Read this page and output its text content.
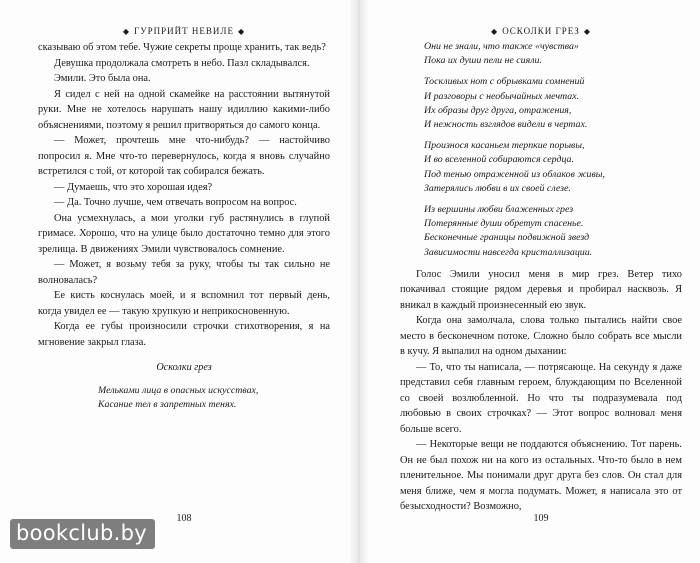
◆ ГУРПРИЙТ НЕВИЛЕ ◆

сказываю об этом тебе. Чужие секреты проще хранить, так ведь?

Девушка продолжала смотреть в небо. Пазл складывался.

Эмили. Это была она.

Я сидел с ней на одной скамейке на расстоянии вытянутой руки. Мне не хотелось нарушать нашу идиллию какими-либо объяснениями, поэтому я решил притворяться до самого конца.

— Может, прочтешь мне что-нибудь? — настойчиво попросил я. Мне что-то перевернулось, когда я вновь случайно встретился с той, от которой так собирался бежать.

— Думаешь, что это хорошая идея?

— Да. Точно лучше, чем отвечать вопросом на вопрос.

Она усмехнулась, а мои уголки губ растянулись в глупой гримасе. Хорошо, что на улице было достаточно темно для этого зрелища. В движениях Эмили чувствовалось сомнение.

— Может, я возьму тебя за руку, чтобы ты так сильно не волновалась?

Ее кисть коснулась моей, и я вспомнил тот первый день, когда увидел ее — такую хрупкую и неприкосновенную.

Когда ее губы произносили строчки стихотворения, я на мгновение закрыл глаза.

Осколки грез
Мельками лица в опасных искусствах,
Касание тел в запретных тенях.
108
◆ ОСКОЛКИ ГРЕЗ ◆
Они не знали, что также «чувства»
Пока их души пели не сияли.
Тоскливых нот с обрывками сомнений
И разговоры с необычайных мечтах.
Их образы друг друга, отражения,
И нежность взглядов видели в чертах.
Произнося касаньем терпкие порывы,
И во вселенной собираются сердца.
Под тенью отраженной из облаков живы,
Затерялись любви в их своей слезе.
Из вершины любви блаженных грез
Потерянные души обретут спасенье.
Бесконечные границы подвижной звезд
Зависимости навсегда кристаллизации.

Голос Эмили уносил меня в мир грез. Ветер тихо покачивал стоящие рядом деревья и пробирал насквозь. Я вникал в каждый произнесенный ею звук.

Когда она замолчала, слова только пытались найти свое место в бесконечном потоке. Сложно было собрать все мысли в кучу. Я выпалил на одном дыхании:

— То, что ты написала, — потрясающе. На секунду я даже представил себя главным героем, блуждающим по Вселенной со своей возлюбленной. Но что ты подразумевала под любовью в своих строчках? — Этот вопрос волновал меня больше всего.

— Некоторые вещи не поддаются объяснению. Тот парень. Он не был похож ни на кого из остальных. Что-то было в нем пленительное. Мы понимали друг друга без слов. Он стал для меня ближе, чем я могла подумать. Может, я написала это от безысходности? Возможно,

109
bookclub.by
